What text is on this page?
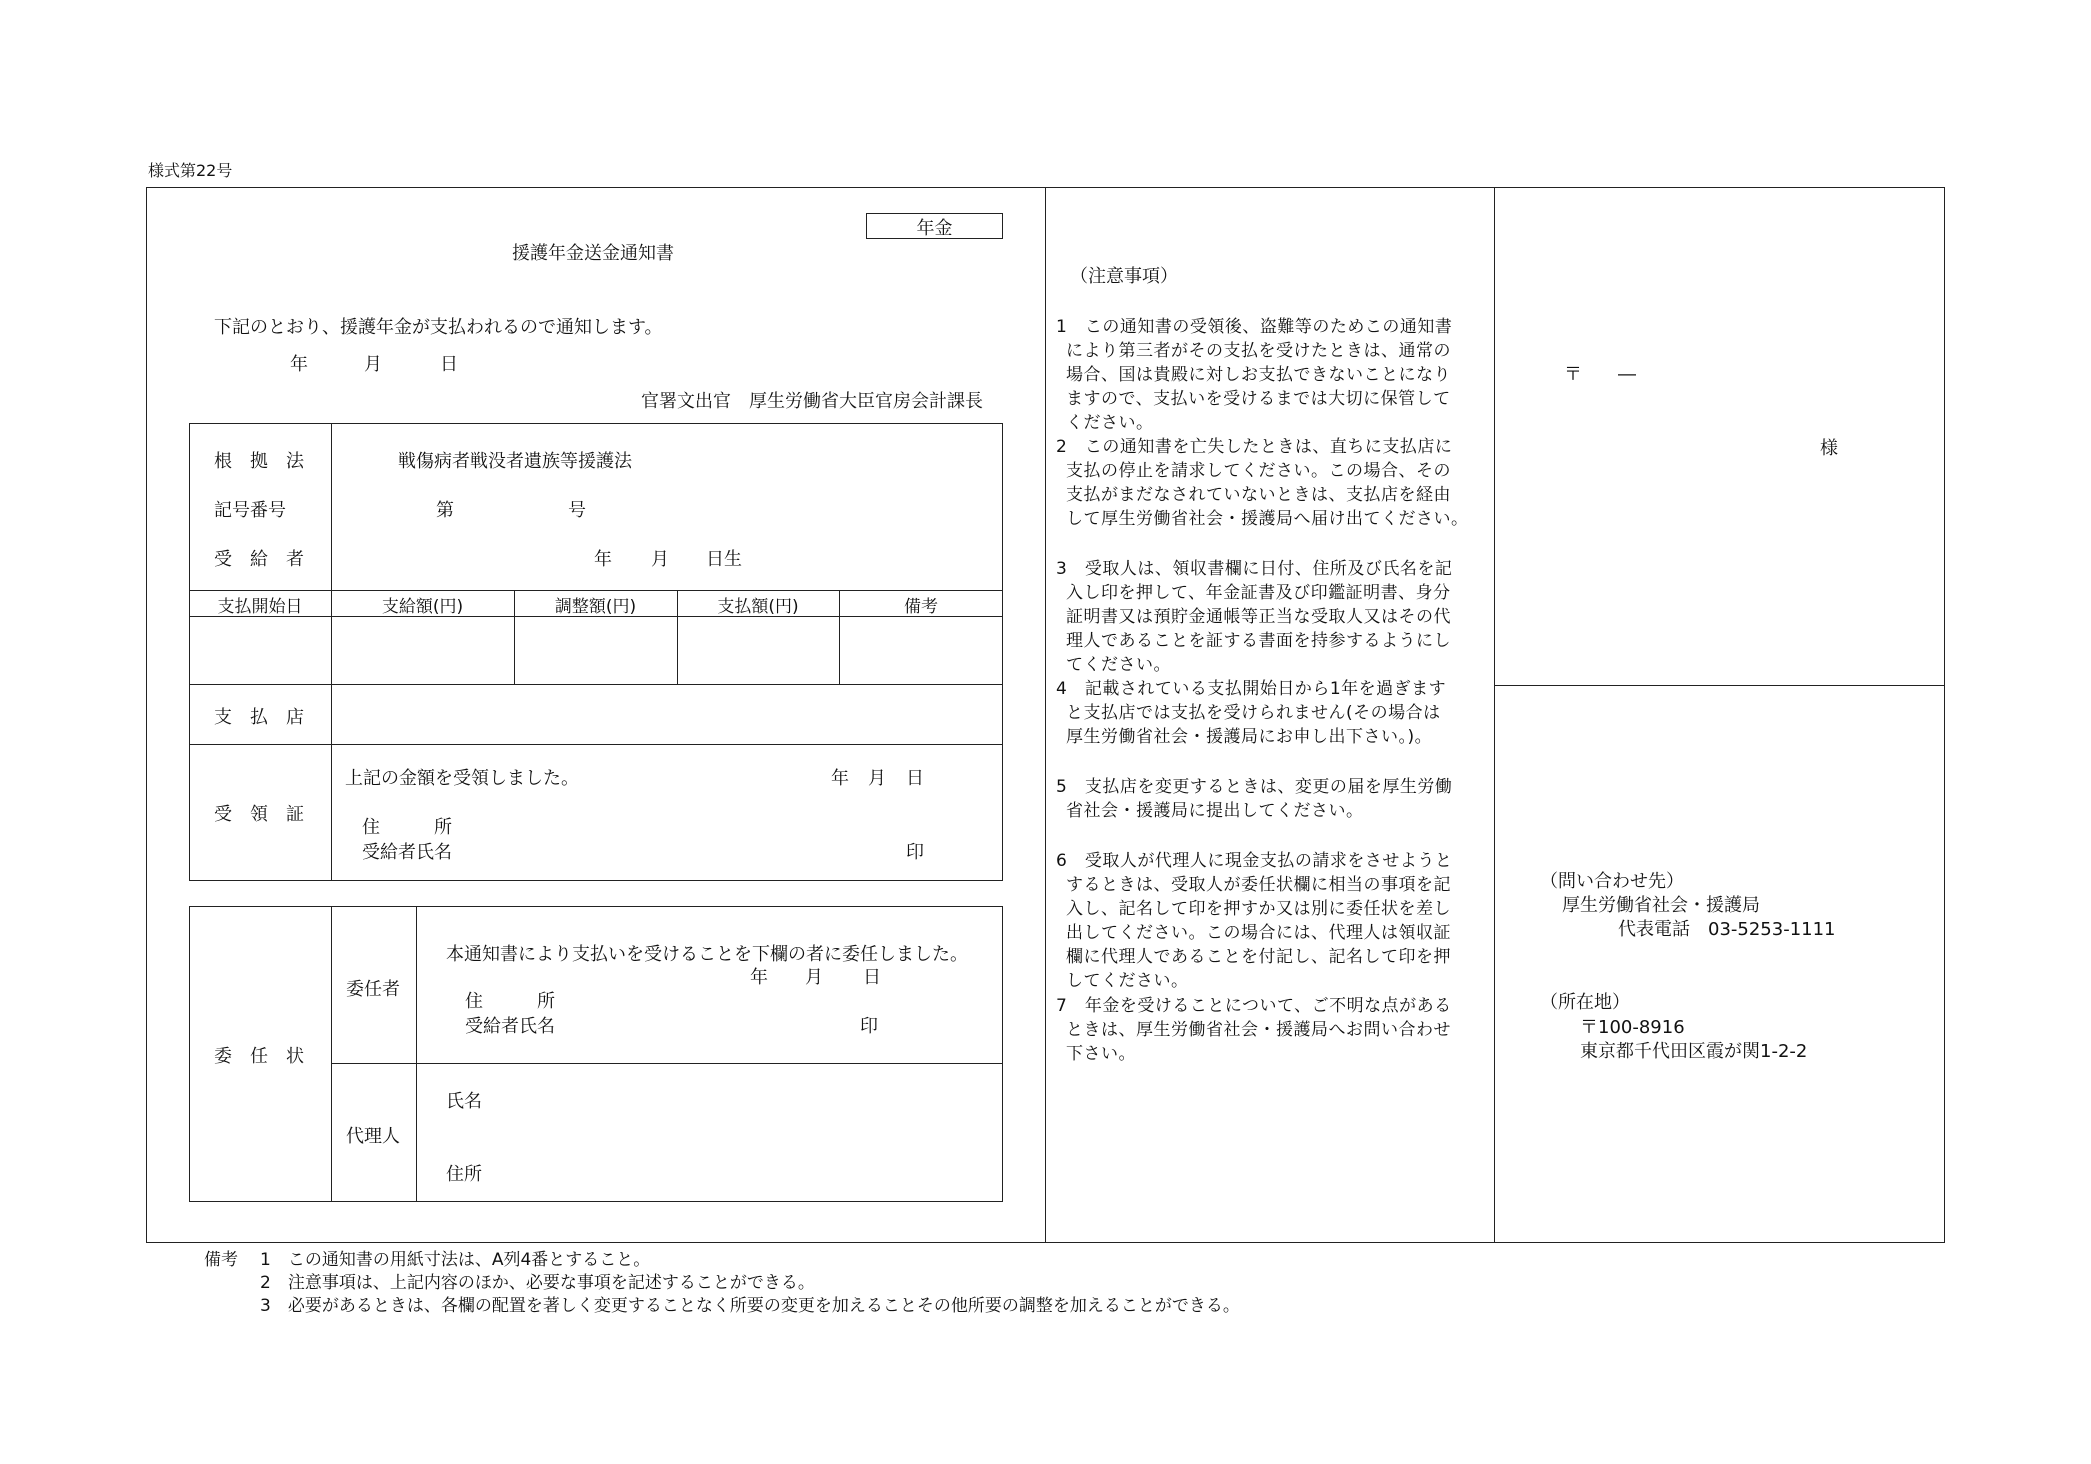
様式第22号
年金
援護年金送金通知書
下記のとおり、援護年金が支払われるので通知します。
年	月	日
官署文出官　厚生労働省大臣官房会計課長
根　拠　法	戦傷病者戦没者遺族等援護法
記号番号	第	号
受　給　者	年 月 日生
支払開始日	支給額(円)	調整額(円)	支払額(円)	備考
支　払　店
受　領　証
上記の金額を受領しました。	年 月 日
住　　　所
受給者氏名	印
委　任　状
委任者
本通知書により支払いを受けることを下欄の者に委任しました。
年 月 日
住　　　所
受給者氏名	印
代理人
氏名
住所
（注意事項）
1　この通知書の受領後、盗難等のためこの通知書
により第三者がその支払を受けたときは、通常の
場合、国は貴殿に対しお支払できないことになり
ますので、支払いを受けるまでは大切に保管して
ください。
2　この通知書を亡失したときは、直ちに支払店に
支払の停止を請求してください。この場合、その
支払がまだなされていないときは、支払店を経由
して厚生労働省社会・援護局へ届け出てください。
3　受取人は、領収書欄に日付、住所及び氏名を記
入し印を押して、年金証書及び印鑑証明書、身分
証明書又は預貯金通帳等正当な受取人又はその代
理人であることを証する書面を持参するようにし
てください。
4　記載されている支払開始日から1年を過ぎます
と支払店では支払を受けられません(その場合は
厚生労働省社会・援護局にお申し出下さい。)。
5　支払店を変更するときは、変更の届を厚生労働
省社会・援護局に提出してください。
6　受取人が代理人に現金支払の請求をさせようと
するときは、受取人が委任状欄に相当の事項を記
入し、記名して印を押すか又は別に委任状を差し
出してください。この場合には、代理人は領収証
欄に代理人であることを付記し、記名して印を押
してください。
7　年金を受けることについて、ご不明な点がある
ときは、厚生労働省社会・援護局へお問い合わせ
下さい。
〒　　―
様
（問い合わせ先）
厚生労働省社会・援護局
代表電話　03-5253-1111
（所在地）
〒100-8916
東京都千代田区霞が関1-2-2
備考 1　この通知書の用紙寸法は、A列4番とすること。
2　注意事項は、上記内容のほか、必要な事項を記述することができる。
3　必要があるときは、各欄の配置を著しく変更することなく所要の変更を加えることその他所要の調整を加えることができる。
